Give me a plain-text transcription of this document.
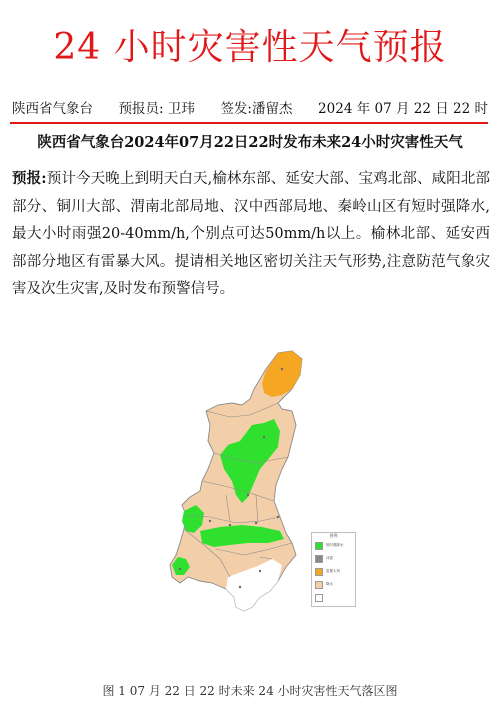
24 小时灾害性天气预报
陕西省气象台 预报员: 卫玮 签发:潘留杰 2024 年 07 月 22 日 22 时
陕西省气象台2024年07月22日22时发布未来24小时灾害性天气
预报:预计今天晚上到明天白天,榆林东部、延安大部、宝鸡北部、咸阳北部部分、铜川大部、渭南北部局地、汉中西部局地、秦岭山区有短时强降水,最大小时雨强20-40mm/h,个别点可达50mm/h以上。榆林北部、延安西部部分地区有雷暴大风。提请相关地区密切关注天气形势,注意防范气象灾害及次生灾害,及时发布预警信号。
图例
短时强降水
冰雹
雷暴大风
降水
图 1 07 月 22 日 22 时未来 24 小时灾害性天气落区图
